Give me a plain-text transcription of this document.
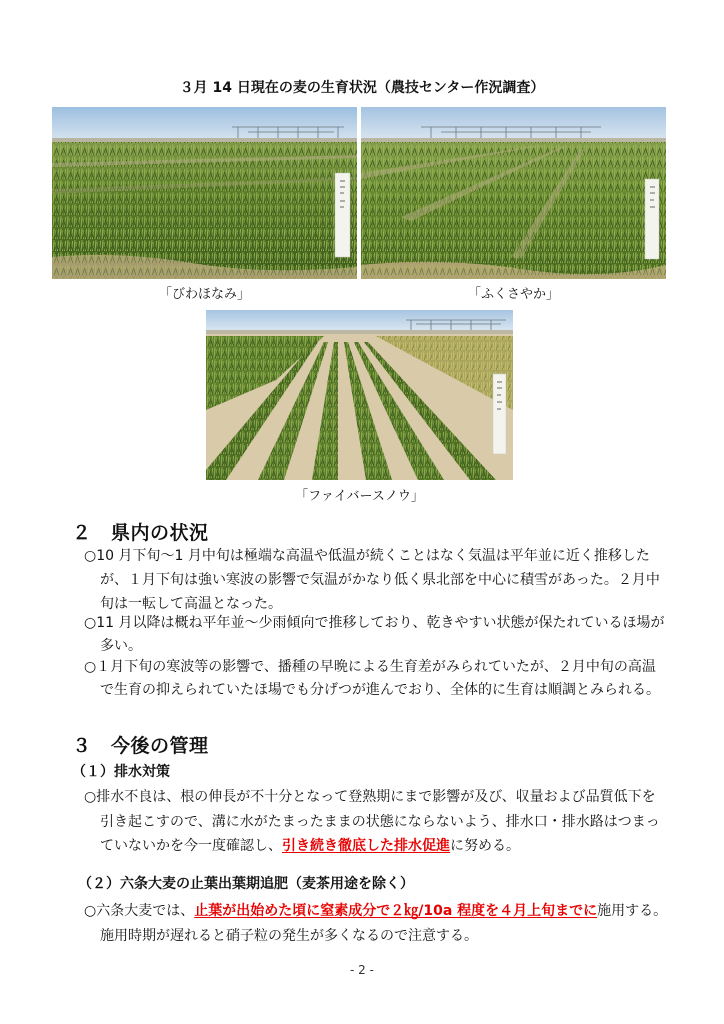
３月 14 日現在の麦の生育状況（農技センター作況調査）
「びわほなみ」	「ふくさやか」
「ファイバースノウ」
２　県内の状況
○10 月下旬～1 月中旬は極端な高温や低温が続くことはなく気温は平年並に近く推移した
が、１月下旬は強い寒波の影響で気温がかなり低く県北部を中心に積雪があった。２月中
旬は一転して高温となった。
○11 月以降は概ね平年並～少雨傾向で推移しており、乾きやすい状態が保たれているほ場が
多い。
○１月下旬の寒波等の影響で、播種の早晩による生育差がみられていたが、２月中旬の高温
で生育の抑えられていたほ場でも分げつが進んでおり、全体的に生育は順調とみられる。
３　今後の管理
（１）排水対策
○排水不良は、根の伸長が不十分となって登熟期にまで影響が及び、収量および品質低下を
引き起こすので、溝に水がたまったままの状態にならないよう、排水口・排水路はつまっ
ていないかを今一度確認し、引き続き徹底した排水促進に努める。
（２）六条大麦の止葉出葉期追肥（麦茶用途を除く）
○六条大麦では、止葉が出始めた頃に窒素成分で２㎏/10a 程度を４月上旬までに施用する。
施用時期が遅れると硝子粒の発生が多くなるので注意する。
- 2 -
